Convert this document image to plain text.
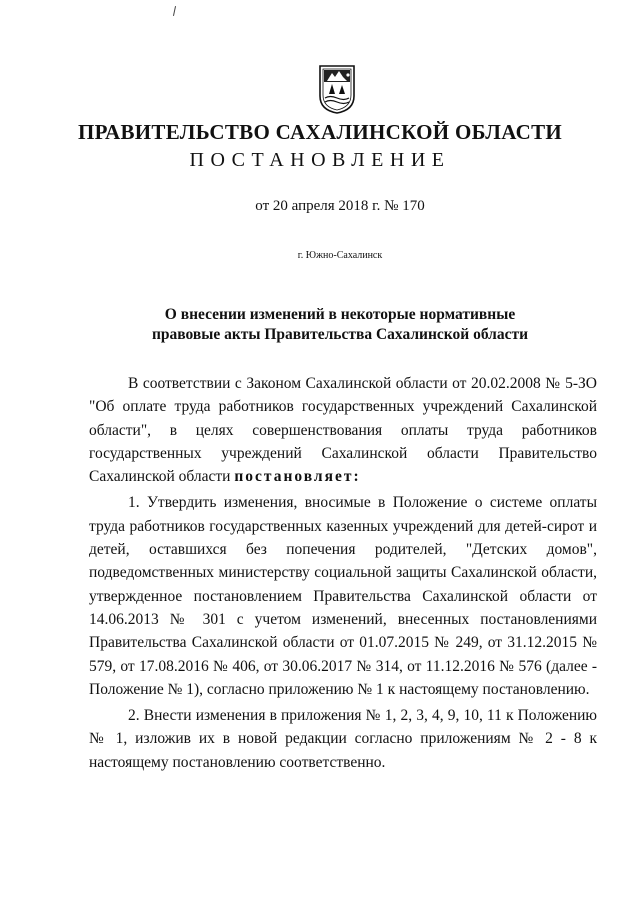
ПРАВИТЕЛЬСТВО САХАЛИНСКОЙ ОБЛАСТИ
ПОСТАНОВЛЕНИЕ
от 20 апреля 2018 г. № 170
г. Южно-Сахалинск
О внесении изменений в некоторые нормативные
правовые акты Правительства Сахалинской области

В соответствии с Законом Сахалинской области от 20.02.2008 № 5-ЗО "Об оплате труда работников государственных учреждений Сахалинской области", в целях совершенствования оплаты труда работников государственных учреждений Сахалинской области Правительство Сахалинской области постановляет:

1. Утвердить изменения, вносимые в Положение о системе оплаты труда работников государственных казенных учреждений для детей-сирот и детей, оставшихся без попечения родителей, "Детских домов", подведомственных министерству социальной защиты Сахалинской области, утвержденное постановлением Правительства Сахалинской области от 14.06.2013 № 301 с учетом изменений, внесенных постановлениями Правительства Сахалинской области от 01.07.2015 № 249, от 31.12.2015 № 579, от 17.08.2016 № 406, от 30.06.2017 № 314, от 11.12.2016 № 576 (далее - Положение № 1), согласно приложению № 1 к настоящему постановлению.

2. Внести изменения в приложения № 1, 2, 3, 4, 9, 10, 11 к Положению № 1, изложив их в новой редакции согласно приложениям № 2 - 8 к настоящему постановлению соответственно.
